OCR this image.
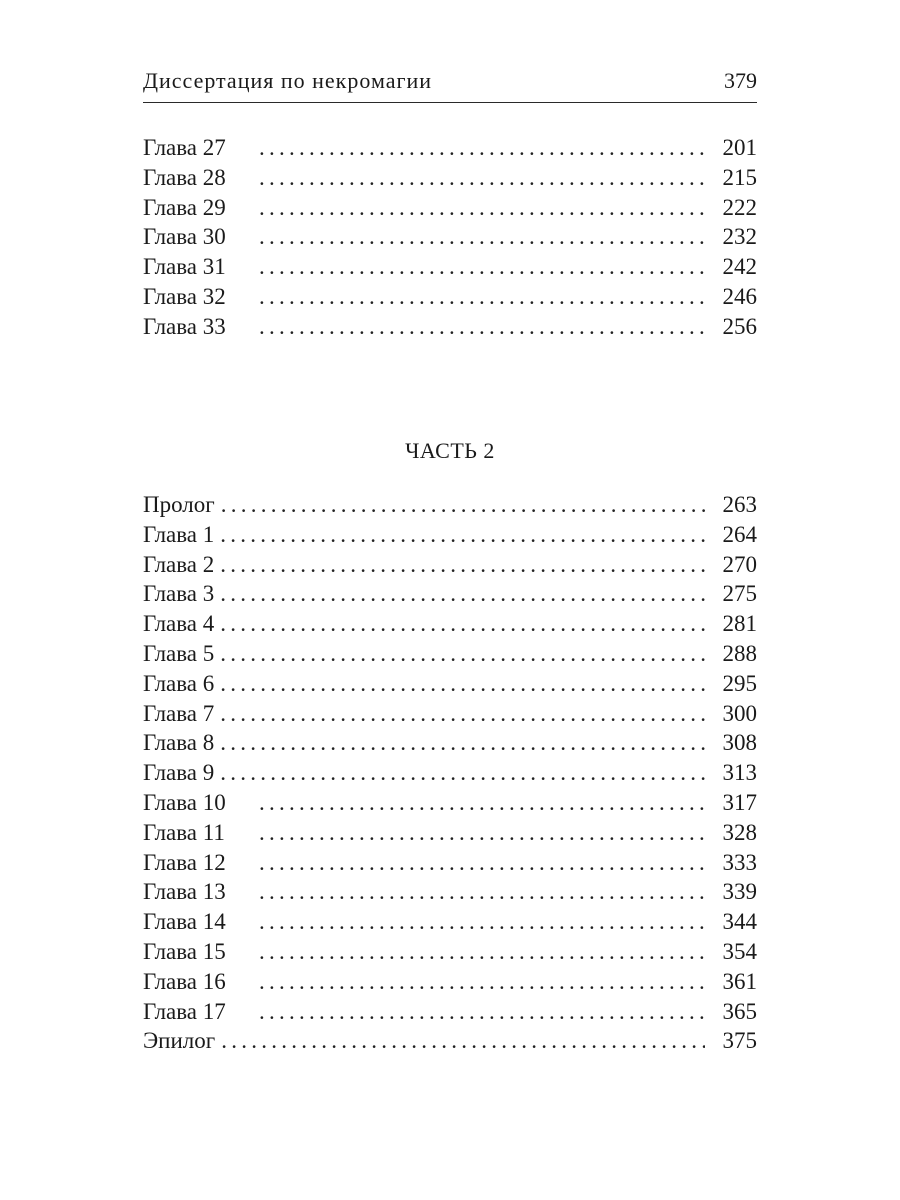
Диссертация по некромагии	379
Глава 27 . . .	201
Глава 28 . . .	215
Глава 29 . . .	222
Глава 30 . . .	232
Глава 31 . . .	242
Глава 32 . . .	246
Глава 33 . . .	256
ЧАСТЬ 2
Пролог . . .	263
Глава 1 . . .	264
Глава 2 . . .	270
Глава 3 . . .	275
Глава 4 . . .	281
Глава 5 . . .	288
Глава 6 . . .	295
Глава 7 . . .	300
Глава 8 . . .	308
Глава 9 . . .	313
Глава 10 . . .	317
Глава 11 . . .	328
Глава 12 . . .	333
Глава 13 . . .	339
Глава 14 . . .	344
Глава 15 . . .	354
Глава 16 . . .	361
Глава 17 . . .	365
Эпилог . . .	375
